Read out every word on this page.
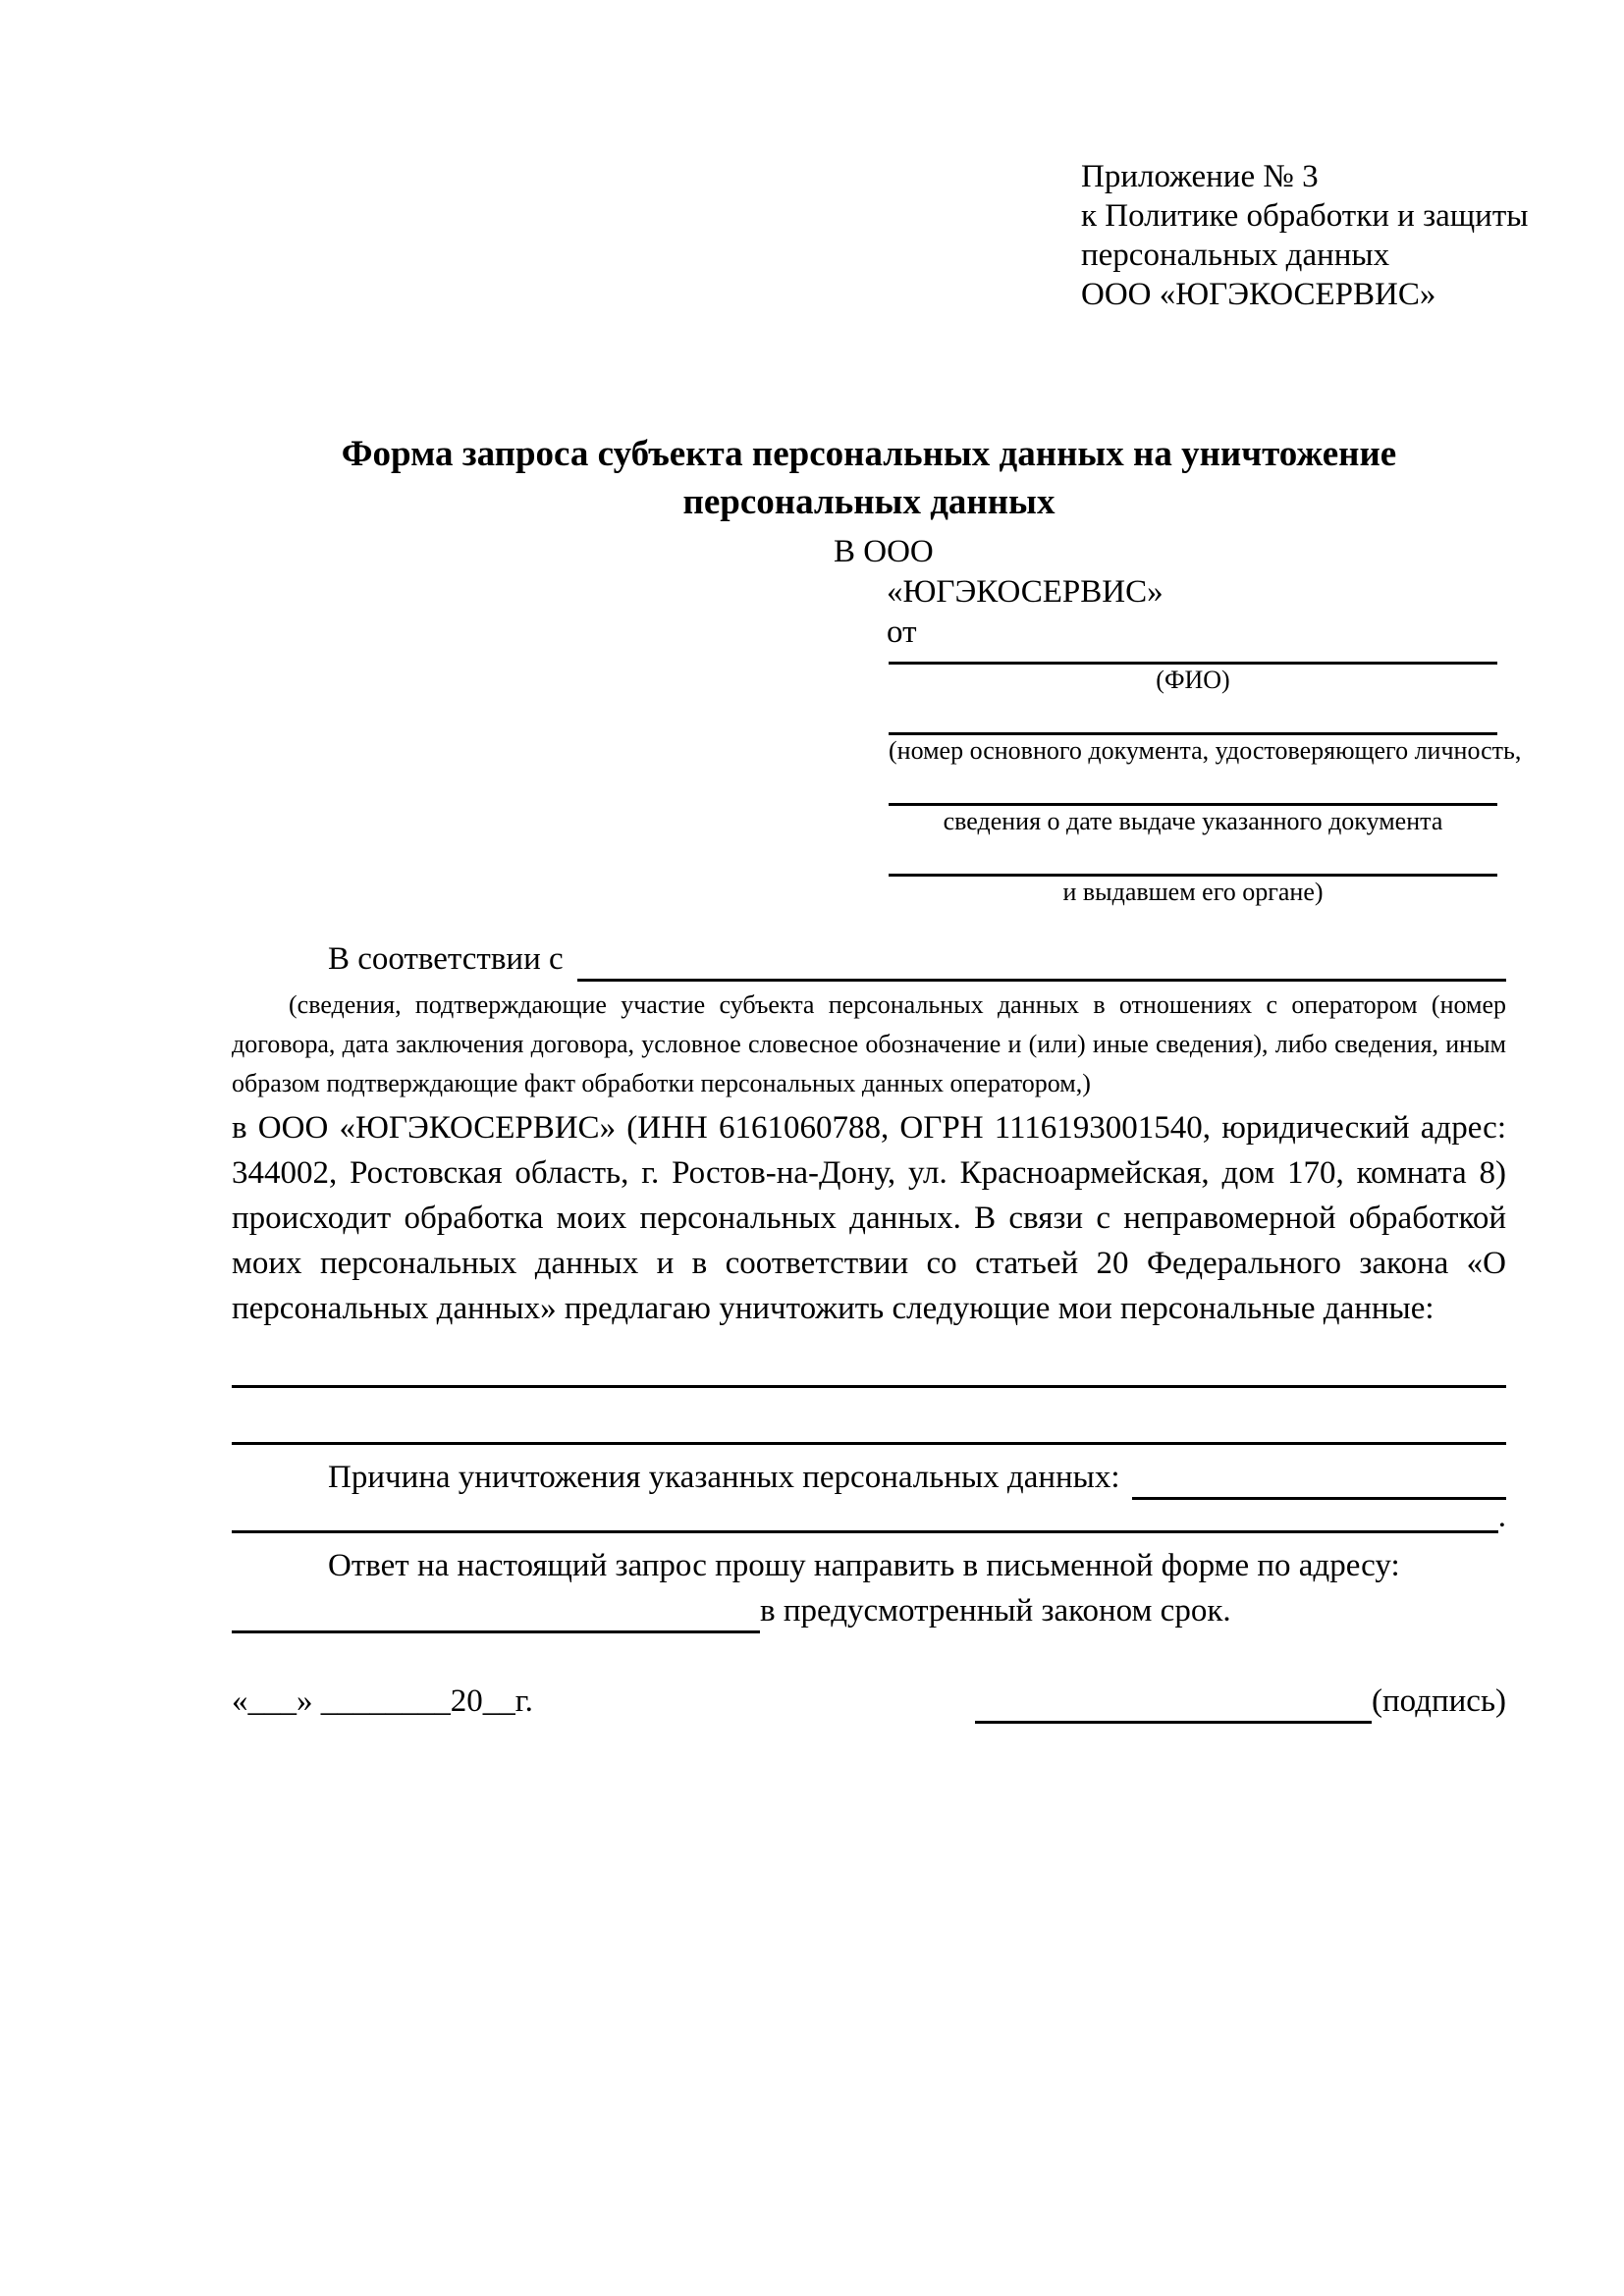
Приложение № 3
к Политике обработки и защиты
персональных данных
ООО «ЮГЭКОСЕРВИС»
Форма запроса субъекта персональных данных на уничтожение персональных данных
В ООО
«ЮГЭКОСЕРВИС»
от
(ФИО)
(номер основного документа, удостоверяющего личность,
сведения о дате выдаче указанного документа
и выдавшем его органе)
В соответствии с
(сведения, подтверждающие участие субъекта персональных данных в отношениях с оператором (номер договора, дата заключения договора, условное словесное обозначение и (или) иные сведения), либо сведения, иным образом подтверждающие факт обработки персональных данных оператором,)
в ООО «ЮГЭКОСЕРВИС» (ИНН 6161060788, ОГРН 1116193001540, юридический адрес: 344002, Ростовская область, г. Ростов-на-Дону, ул. Красноармейская, дом 170, комната 8) происходит обработка моих персональных данных. В связи с неправомерной обработкой моих персональных данных и в соответствии со статьей 20 Федерального закона «О персональных данных» предлагаю уничтожить следующие мои персональные данные:
Причина уничтожения указанных персональных данных:
.
Ответ на настоящий запрос прошу направить в письменной форме по адресу:
в предусмотренный законом срок.
«___» ________20__г.	(подпись)
